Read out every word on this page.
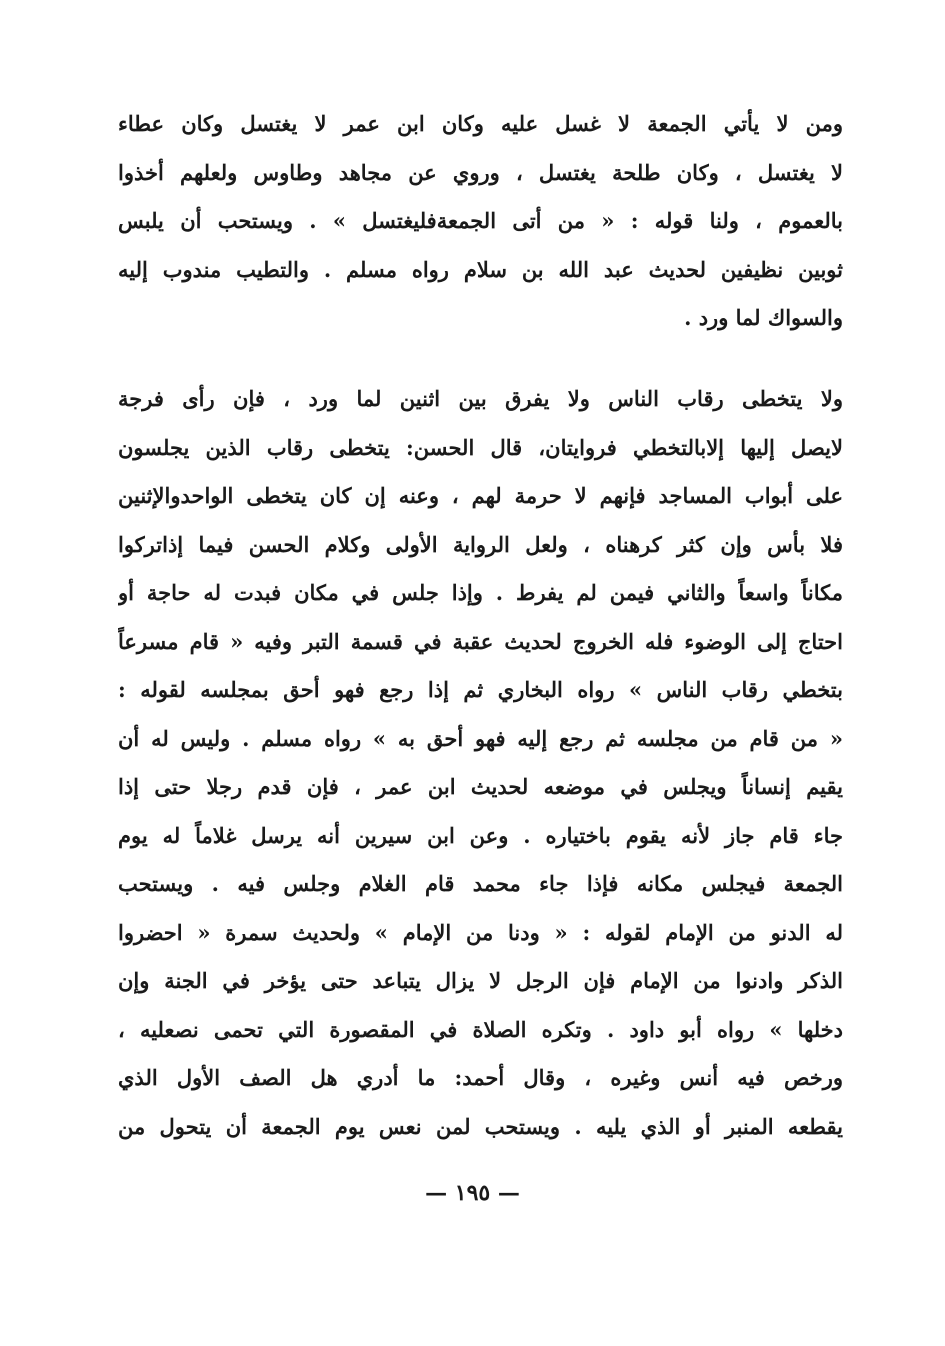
ومن لا يأتي الجمعة لا غسل عليه وكان ابن عمر لا يغتسل وكان عطاء
لا يغتسل ، وكان طلحة يغتسل ، وروي عن مجاهد وطاوس ولعلهم أخذوا
بالعموم ، ولنا قوله : « من أتى الجمعةفليغتسل » . ويستحب أن يلبس
ثوبين نظيفين لحديث عبد الله بن سلام رواه مسلم . والتطيب مندوب إليه
والسواك لما ورد .
ولا يتخطى رقاب الناس ولا يفرق بين اثنين لما ورد ، فإن رأى فرجة
لايصل إليها إلابالتخطي فروايتان، قال الحسن: يتخطى رقاب الذين يجلسون
على أبواب المساجد فإنهم لا حرمة لهم ، وعنه إن كان يتخطى الواحدوالإثنين
فلا بأس وإن كثر كرهناه ، ولعل الرواية الأولى وكلام الحسن فيما إذاتركوا
مكاناً واسعاً والثاني فيمن لم يفرط . وإذا جلس في مكان فبدت له حاجة أو
احتاج إلى الوضوء فله الخروج لحديث عقبة في قسمة التبر وفيه « قام مسرعاً
بتخطي رقاب الناس » رواه البخاري ثم إذا رجع فهو أحق بمجلسه لقوله :
« من قام من مجلسه ثم رجع إليه فهو أحق به » رواه مسلم . وليس له أن
يقيم إنساناً ويجلس في موضعه لحديث ابن عمر ، فإن قدم رجلا حتى إذا
جاء قام جاز لأنه يقوم باختياره . وعن ابن سيرين أنه يرسل غلاماً له يوم
الجمعة فيجلس مكانه فإذا جاء محمد قام الغلام وجلس فيه . ويستحب
له الدنو من الإمام لقوله : « ودنا من الإمام » ولحديث سمرة « احضروا
الذكر وادنوا من الإمام فإن الرجل لا يزال يتباعد حتى يؤخر في الجنة وإن
دخلها » رواه أبو داود . وتكره الصلاة في المقصورة التي تحمى نصعليه ،
ورخص فيه أنس وغيره ، وقال أحمد: ما أدري هل الصف الأول الذي
يقطعه المنبر أو الذي يليه . ويستحب لمن نعس يوم الجمعة أن يتحول من
— ١٩٥ —
